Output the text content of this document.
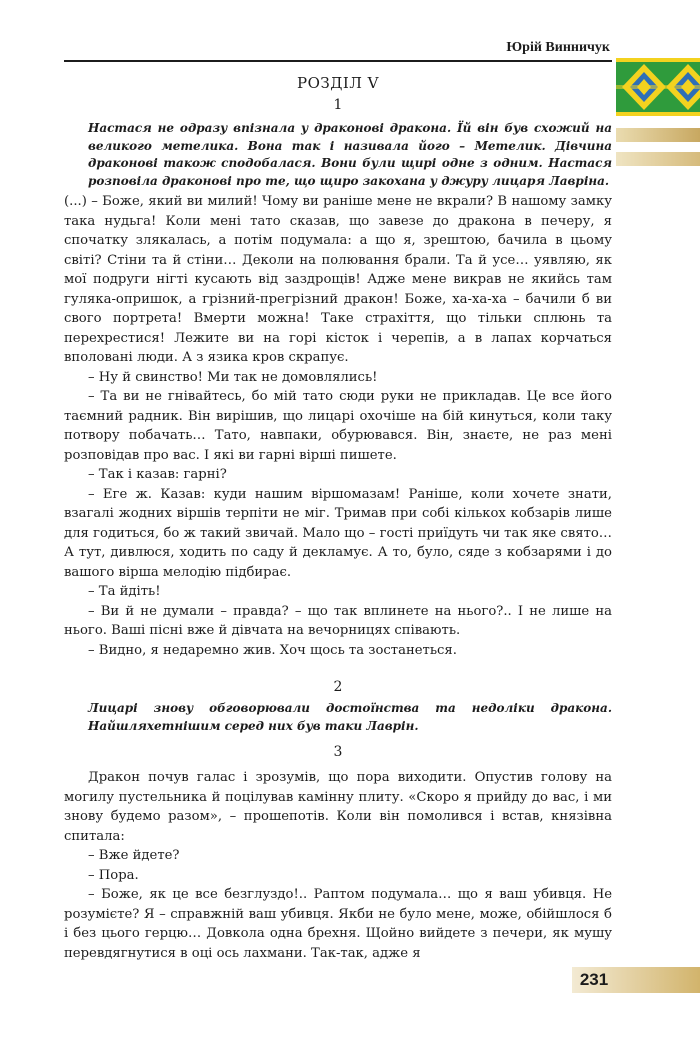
Юрій Винничук
РОЗДІЛ V
1
Настася не одразу впізнала у драконові дракона. Їй він був схожий на великого метелика. Вона так і називала його – Метелик. Дівчина драконові також сподобалася. Вони були щирі одне з одним. Настася розповіла драконові про те, що щиро закохана у джуру лицаря Лавріна.

(...) – Боже, який ви милий! Чому ви раніше мене не вкрали? В нашому замку така нудьга! Коли мені тато сказав, що завезе до дракона в печеру, я спочатку злякалась, а потім подумала: а що я, зрештою, бачила в цьому світі? Стіни та й стіни… Деколи на полювання брали. Та й усе… уявляю, як мої подруги нігті кусають від заздрощів! Адже мене викрав не якийсь там гуляка-опришок, а грізний-прегрізний дракон! Боже, ха-ха-ха – бачили б ви свого портрета! Вмерти можна! Таке страхіття, що тільки сплюнь та перехрестися! Лежите ви на горі кісток і черепів, а в лапах корчаться вполовані люди. А з язика кров скрапує.

– Ну й свинство! Ми так не домовлялись!

– Та ви не гнівайтесь, бо мій тато сюди руки не прикладав. Це все його таємний радник. Він вирішив, що лицарі охочіше на бій кинуться, коли таку потвору побачать… Тато, навпаки, обурювався. Він, знаєте, не раз мені розповідав про вас. І які ви гарні вірші пишете.

– Так і казав: гарні?

– Еге ж. Казав: куди нашим віршомазам! Раніше, коли хочете знати, взагалі жодних віршів терпіти не міг. Тримав при собі кількох кобзарів лише для годиться, бо ж такий звичай. Мало що – гості приїдуть чи так яке свято… А тут, дивлюся, ходить по саду й декламує. А то, було, сяде з кобзарями і до вашого вірша мелодію підбирає.

– Та йдіть!

– Ви й не думали – правда? – що так вплинете на нього?.. І не лише на нього. Ваші пісні вже й дівчата на вечорницях співають.

– Видно, я недаремно жив. Хоч щось та зостанеться.

2
Лицарі знову обговорювали достоїнства та недоліки дракона. Найшляхетнішим серед них був таки Лаврін.
3

Дракон почув галас і зрозумів, що пора виходити. Опустив голову на могилу пустельника й поцілував камінну плиту. «Скоро я прийду до вас, і ми знову будемо разом», – прошепотів. Коли він помолився і встав, князівна спитала:

– Вже йдете?

– Пора.

– Боже, як це все безглуздо!.. Раптом подумала… що я ваш убивця. Не розумієте? Я – справжній ваш убивця. Якби не було мене, може, обійшлося б і без цього герцю… Довкола одна брехня. Щойно вийдете з печери, як мушу перевдягнутися в оці ось лахмани. Так-так, адже я

231
